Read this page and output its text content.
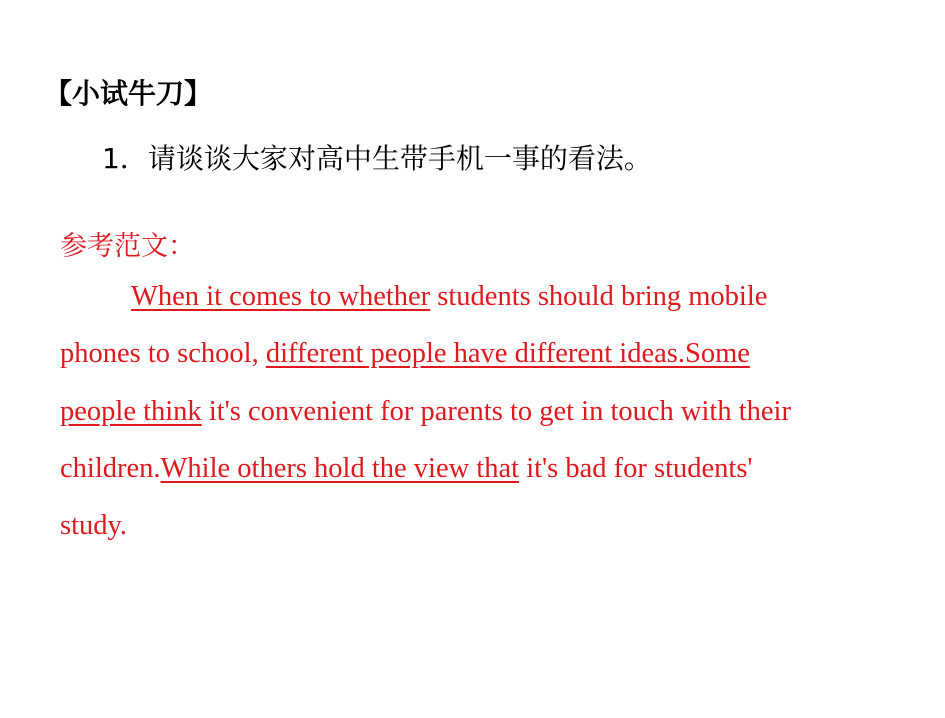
【小试牛刀】
1．请谈谈大家对高中生带手机一事的看法。
参考范文：
When it comes to whether students should bring mobile
phones to school, different people have different ideas.Some
people think it's convenient for parents to get in touch with their
children.While others hold the view that it's bad for students'
study.
